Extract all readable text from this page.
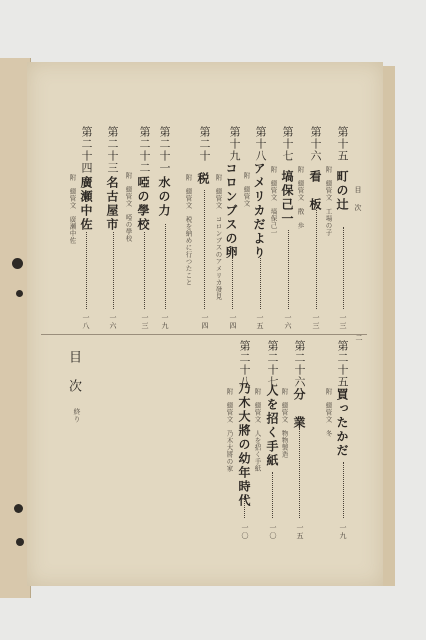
目　次
二
第十五
町の辻
附　綴管文　工場の子
一三
第十六
看　板
附　綴管文　散　歩
一三
第十七
塙保己一
附　綴管文　塙保己一
一六
第十八
アメリカだより
附　綴管文
一五
第十九
コロンブスの卵
附　綴管文　コロンブスのアメリカ發見
一四
第二十
税
附　綴管文　税を納めに行つたこと
一四
第二十一
水の力
一九
第二十二
啞の學校
附　綴管文　啞の學校
一三
第二十三
名古屋市
一六
第二十四
廣瀬中佐
附　綴管文　廣瀬中佐
一八
第二十五
買ったかだ
附　綴管文　冬
一九
第二十六
分　業
附　綴管文　物物製造
一五
第二十七
人を招く手紙
附　綴管文　人を招く手紙
一〇
第二十八
乃木大將の幼年時代
附　綴管文　乃木大將の家
一〇
目次
終り
